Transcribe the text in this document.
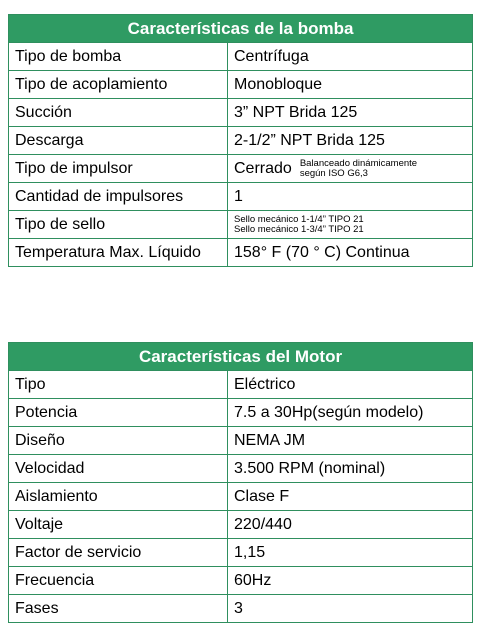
Características de la bomba	
Tipo de bomba	Centrífuga
Tipo de acoplamiento	Monobloque
Succión	3” NPT Brida 125
Descarga	2-1/2” NPT Brida 125
Tipo de impulsor	Cerrado Balanceado dinámicamente
según ISO G6,3

Cantidad de impulsores	1
Tipo de sello	Sello mecánico 1-1/4” TIPO 21
Sello mecánico 1-3/4” TIPO 21

Temperatura Max. Líquido	158° F (70 ° C) Continua
Características del Motor	
Tipo	Eléctrico
Potencia	7.5 a 30Hp(según modelo)
Diseño	NEMA JM
Velocidad	3.500 RPM (nominal)
Aislamiento	Clase F
Voltaje	220/440
Factor de servicio	1,15
Frecuencia	60Hz
Fases	3
